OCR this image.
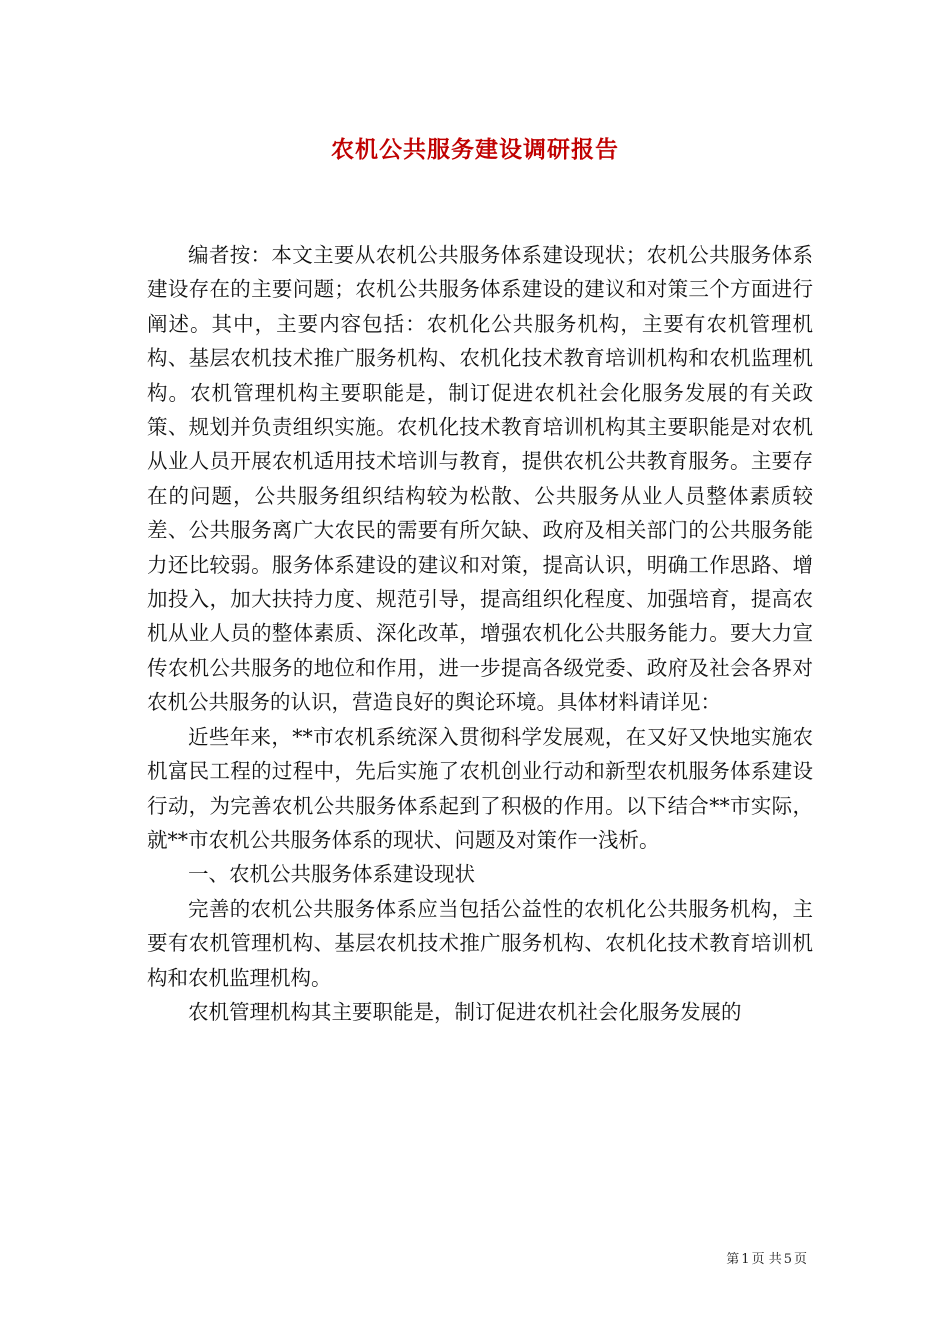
农机公共服务建设调研报告

编者按：本文主要从农机公共服务体系建设现状；农机公共服务体系建设存在的主要问题；农机公共服务体系建设的建议和对策三个方面进行阐述。其中，主要内容包括：农机化公共服务机构，主要有农机管理机构、基层农机技术推广服务机构、农机化技术教育培训机构和农机监理机构。农机管理机构主要职能是，制订促进农机社会化服务发展的有关政策、规划并负责组织实施。农机化技术教育培训机构其主要职能是对农机从业人员开展农机适用技术培训与教育，提供农机公共教育服务。主要存在的问题，公共服务组织结构较为松散、公共服务从业人员整体素质较差、公共服务离广大农民的需要有所欠缺、政府及相关部门的公共服务能力还比较弱。服务体系建设的建议和对策，提高认识，明确工作思路、增加投入，加大扶持力度、规范引导，提高组织化程度、加强培育，提高农机从业人员的整体素质、深化改革，增强农机化公共服务能力。要大力宣传农机公共服务的地位和作用，进一步提高各级党委、政府及社会各界对农机公共服务的认识，营造良好的舆论环境。具体材料请详见：

近些年来，**市农机系统深入贯彻科学发展观，在又好又快地实施农机富民工程的过程中，先后实施了农机创业行动和新型农机服务体系建设行动，为完善农机公共服务体系起到了积极的作用。以下结合**市实际，就**市农机公共服务体系的现状、问题及对策作一浅析。

一、农机公共服务体系建设现状

完善的农机公共服务体系应当包括公益性的农机化公共服务机构，主要有农机管理机构、基层农机技术推广服务机构、农机化技术教育培训机构和农机监理机构。

农机管理机构其主要职能是，制订促进农机社会化服务发展的

第 1 页 共 5 页
